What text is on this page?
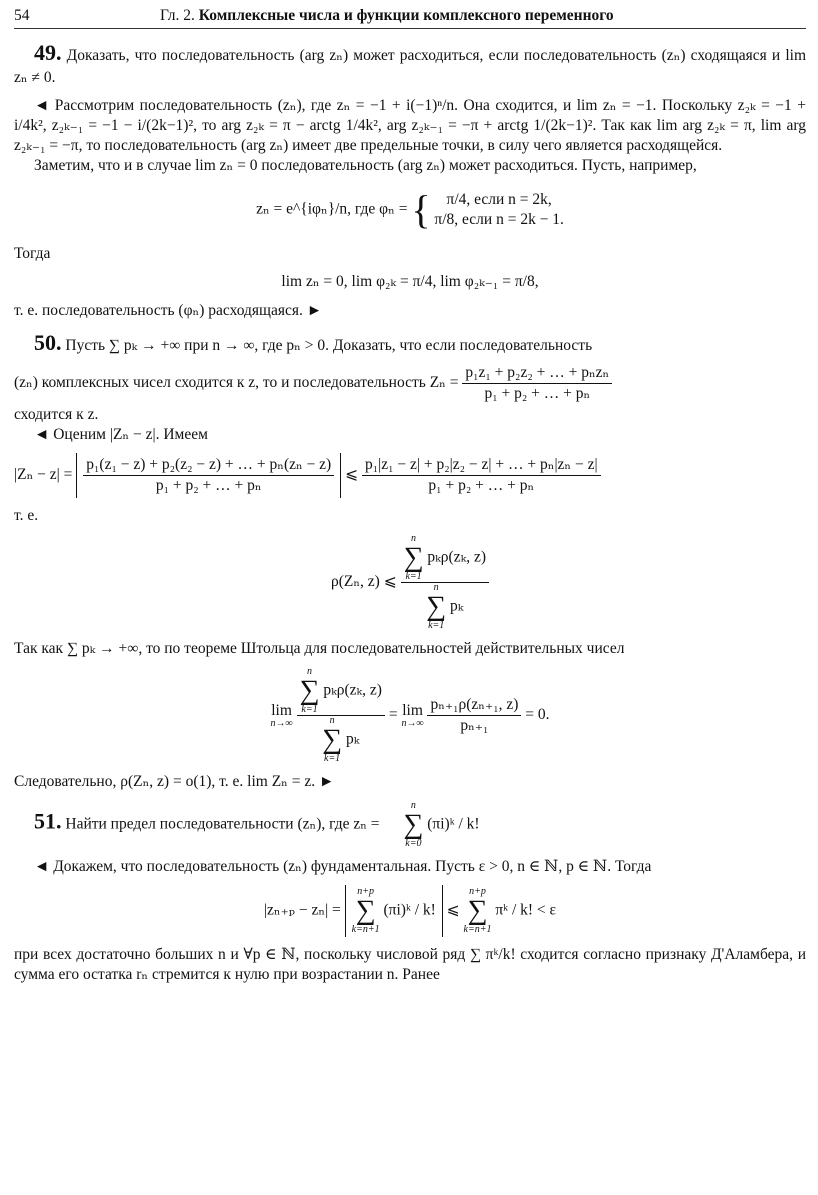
54	Гл. 2. Комплексные числа и функции комплексного переменного

49. Доказать, что последовательность (arg zₙ) может расходиться, если последовательность (zₙ) сходящаяся и lim zₙ ≠ 0.

◄ Рассмотрим последовательность (zₙ), где zₙ = −1 + i(−1)ⁿ/n. Она сходится, и lim zₙ = −1. Поскольку z₂ₖ = −1 + i/4k², z₂ₖ₋₁ = −1 − i/(2k−1)², то arg z₂ₖ = π − arctg 1/4k², arg z₂ₖ₋₁ = −π + arctg 1/(2k−1)². Так как lim arg z₂ₖ = π, lim arg z₂ₖ₋₁ = −π, то последовательность (arg zₙ) имеет две предельные точки, в силу чего является расходящейся.

Заметим, что и в случае lim zₙ = 0 последовательность (arg zₙ) может расходиться. Пусть, например,

zₙ = e^{iφₙ}/n, где φₙ = {	π/4, если n = 2k,
π/8, если n = 2k − 1.

Тогда

lim zₙ = 0, lim φ₂ₖ = π/4, lim φ₂ₖ₋₁ = π/8,

т. е. последовательность (φₙ) расходящаяся. ►

50. Пусть ∑ pₖ → +∞ при n → ∞, где pₙ > 0. Доказать, что если последовательность

(zₙ) комплексных чисел сходится к z, то и последовательность $Z_n = \frac{\text{p₁z₁ + p₂z₂ + … + pₙzₙ}}{\text{p₁ + p₂ + … + pₙ}}$

сходится к z.

◄ Оценим |Zₙ − z|. Имеем

$|Z_n - z| = \frac{\text{p₁(z₁ − z) + p₂(z₂ − z) + … + pₙ(zₙ − z)}}{\text{p₁ + p₂ + … + pₙ}}$ ⩽ $\frac{\text{p₁|z₁ − z| + p₂|z₂ − z| + … + pₙ|zₙ − z|}}{\text{p₁ + p₂ + … + pₙ}}$

т. е.

ρ(Zₙ, z) ⩽ n
∑
k=1
pₖρ(zₖ, z)
n
∑
k=1
pₖ

Так как ∑ pₖ → +∞, то по теореме Штольца для последовательностей действительных чисел

lim
n→∞
n
∑
k=1
pₖρ(zₖ, z)
n
∑
k=1
pₖ = lim
n→∞
$\frac{\text{pₙ₊₁ρ(zₙ₊₁, z)}}{\text{pₙ₊₁}} = 0$.

Следовательно, ρ(Zₙ, z) = o(1), т. е. lim Zₙ = z. ►

51. Найти предел последовательности (zₙ), где zₙ =
n
∑
k=0
(πi)ᵏ / k!

◄ Докажем, что последовательность (zₙ) фундаментальная. Пусть ε > 0, n ∈ ℕ, p ∈ ℕ. Тогда

|zₙ₊ₚ − zₙ| =
n+p
∑
k=n+1
(πi)ᵏ / k! ⩽
n+p
∑
k=n+1
πᵏ / k! < ε

при всех достаточно больших n и ∀p ∈ ℕ, поскольку числовой ряд ∑ πᵏ/k! сходится согласно признаку Д'Аламбера, и сумма его остатка rₙ стремится к нулю при возрастании n. Ранее
